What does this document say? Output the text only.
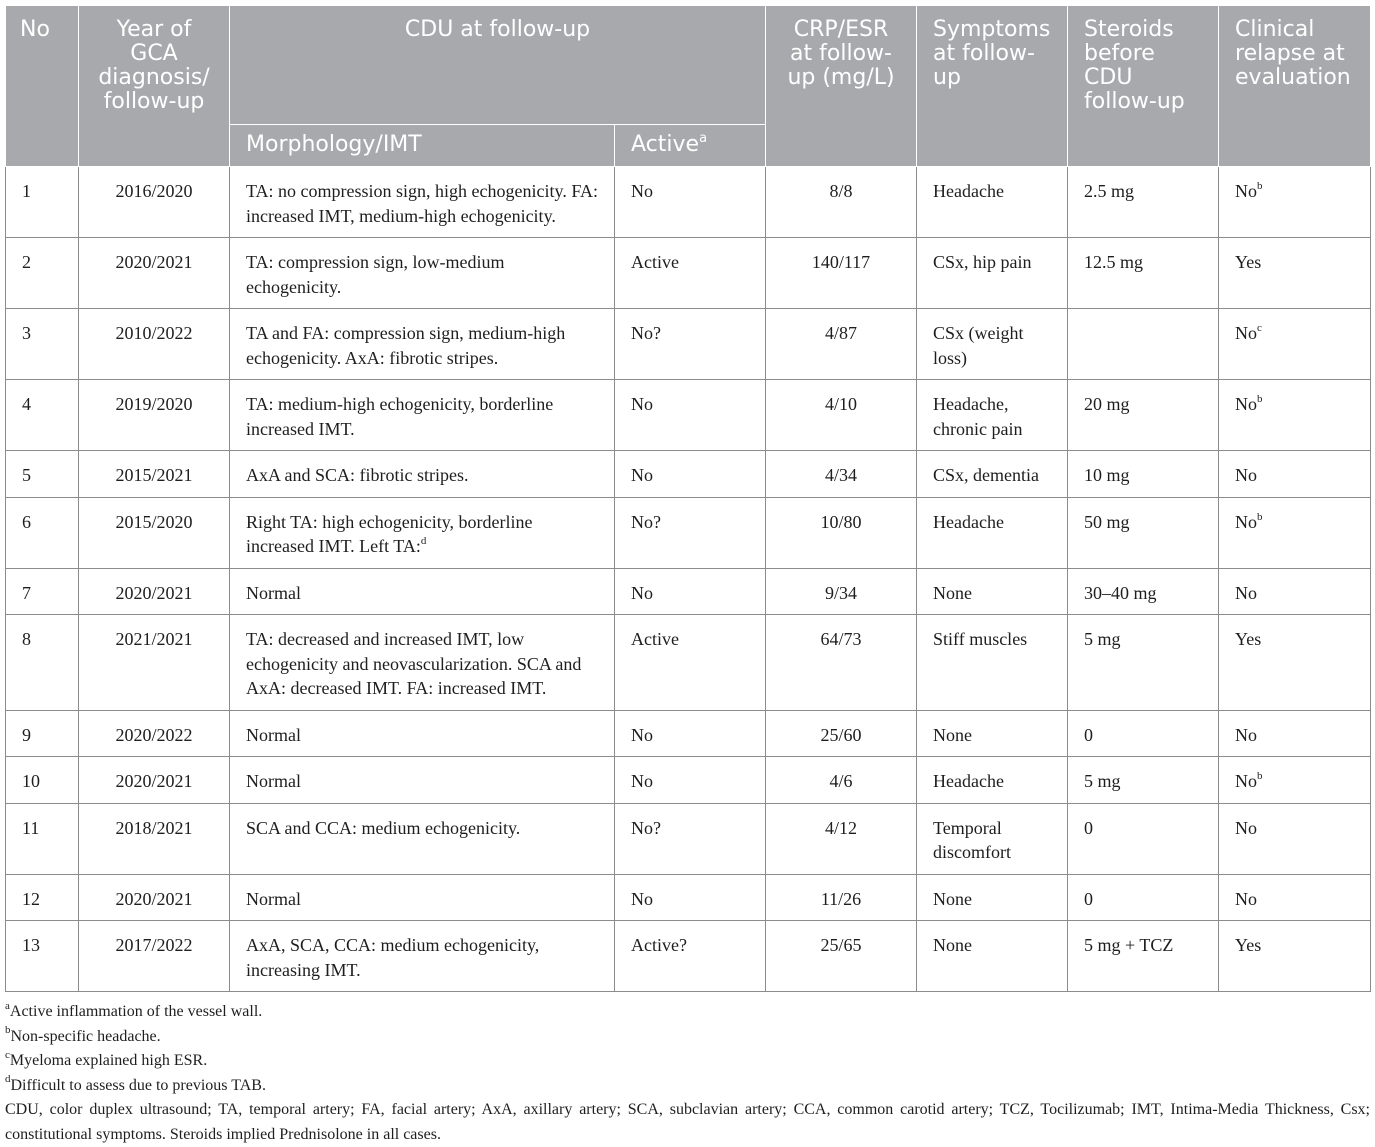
No	Year of GCA diagnosis/ follow-up	CDU at follow-up		CRP/ESR at follow-up (mg/L)	Symptoms at follow-up	Steroids before CDU follow-up	Clinical relapse at evaluation

		Morphology/IMT	Active$^a$

1	2016/2020	TA: no compression sign, high echogenicity. FA: increased IMT, medium-high echogenicity.	No	8/8	Headache	2.5 mg	No$^b$
2	2020/2021	TA: compression sign, low-medium echogenicity.	Active	140/117	CSx, hip pain	12.5 mg	Yes
3	2010/2022	TA and FA: compression sign, medium-high echogenicity. AxA: fibrotic stripes.	No?	4/87	CSx (weight loss)		No$^c$
4	2019/2020	TA: medium-high echogenicity, borderline increased IMT.	No	4/10	Headache, chronic pain	20 mg	No$^b$
5	2015/2021	AxA and SCA: fibrotic stripes.	No	4/34	CSx, dementia	10 mg	No
6	2015/2020	Right TA: high echogenicity, borderline increased IMT. Left TA:$^d$	No?	10/80	Headache	50 mg	No$^b$
7	2020/2021	Normal	No	9/34	None	30–40 mg	No
8	2021/2021	TA: decreased and increased IMT, low echogenicity and neovascularization. SCA and AxA: decreased IMT. FA: increased IMT.	Active	64/73	Stiff muscles	5 mg	Yes
9	2020/2022	Normal	No	25/60	None	0	No
10	2020/2021	Normal	No	4/6	Headache	5 mg	No$^b$
11	2018/2021	SCA and CCA: medium echogenicity.	No?	4/12	Temporal discomfort	0	No
12	2020/2021	Normal	No	11/26	None	0	No
13	2017/2022	AxA, SCA, CCA: medium echogenicity, increasing IMT.	Active?	25/65	None	5 mg + TCZ	Yes

$^a$Active inflammation of the vessel wall.

$^b$Non-specific headache.

$^c$Myeloma explained high ESR.

$^d$Difficult to assess due to previous TAB.

CDU, color duplex ultrasound; TA, temporal artery; FA, facial artery; AxA, axillary artery; SCA, subclavian artery; CCA, common carotid artery; TCZ, Tocilizumab; IMT, Intima-Media Thickness, Csx; constitutional symptoms. Steroids implied Prednisolone in all cases.
